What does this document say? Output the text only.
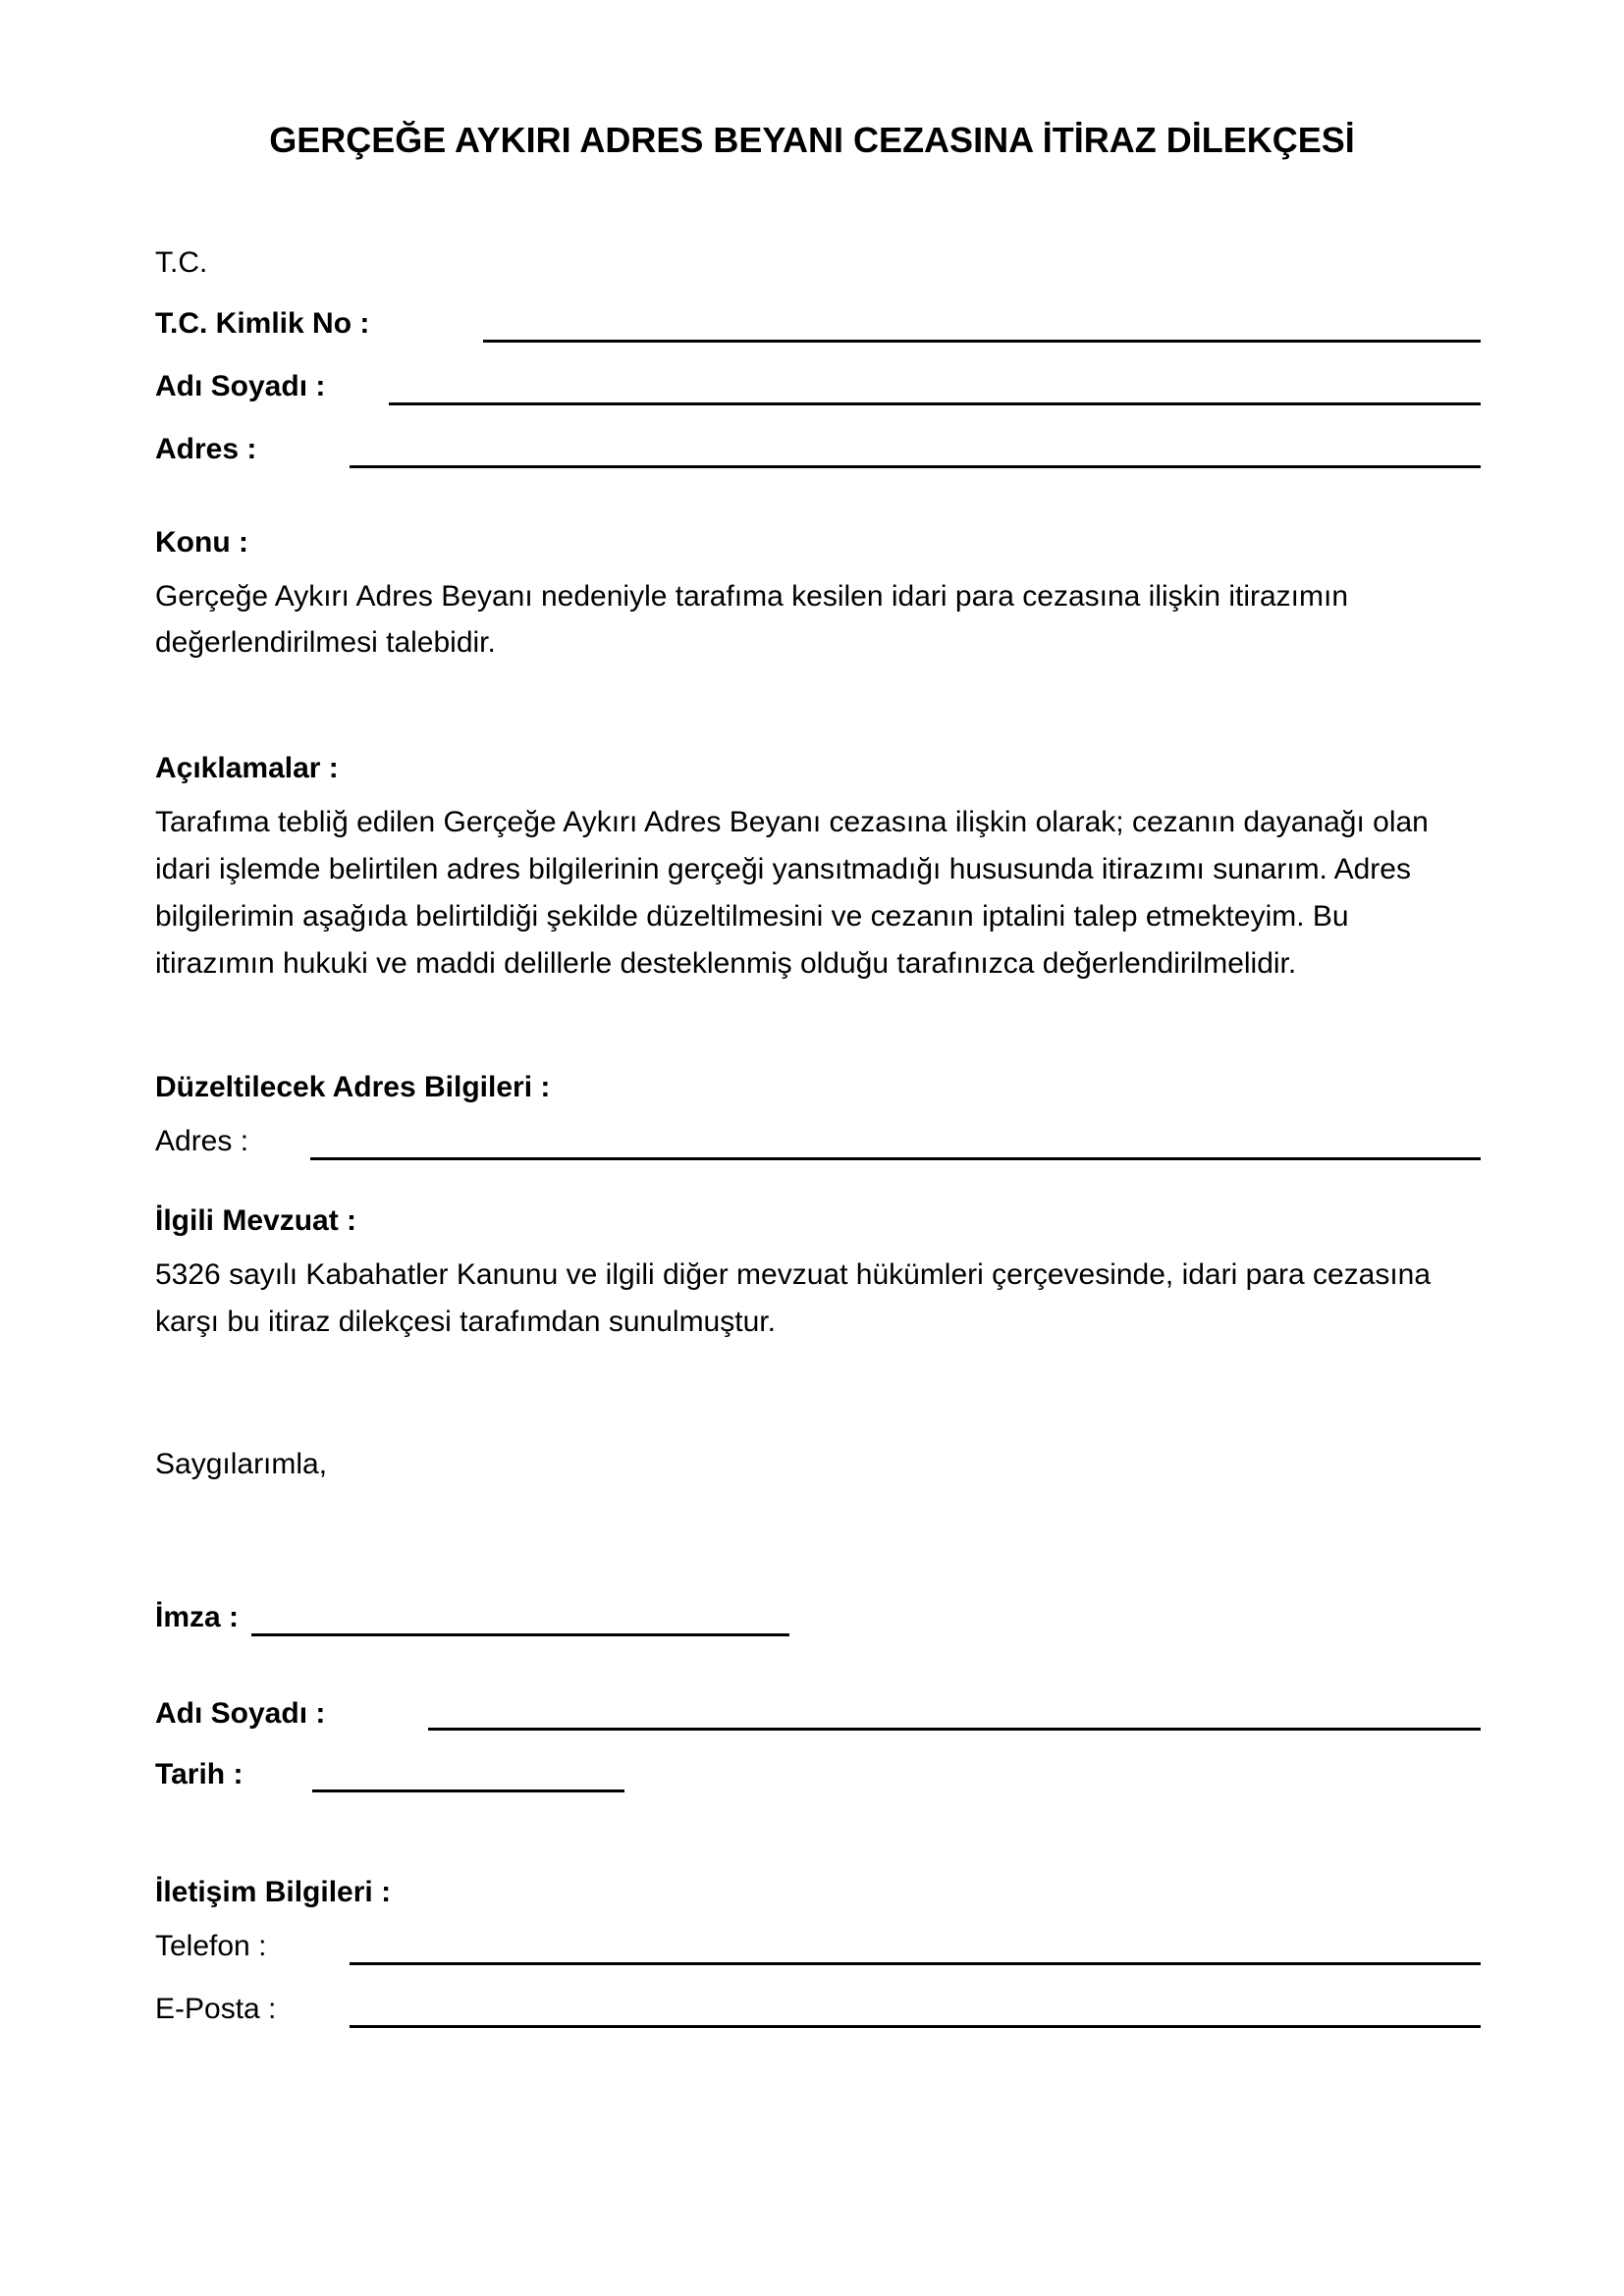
GERÇEĞE AYKIRI ADRES BEYANI CEZASINA İTİRAZ DİLEKÇESİ
T.C.
T.C. Kimlik No :
Adı Soyadı :
Adres :
Konu :
Gerçeğe Aykırı Adres Beyanı nedeniyle tarafıma kesilen idari para cezasına ilişkin itirazımın
değerlendirilmesi talebidir.
Açıklamalar :
Tarafıma tebliğ edilen Gerçeğe Aykırı Adres Beyanı cezasına ilişkin olarak; cezanın dayanağı olan
idari işlemde belirtilen adres bilgilerinin gerçeği yansıtmadığı hususunda itirazımı sunarım. Adres
bilgilerimin aşağıda belirtildiği şekilde düzeltilmesini ve cezanın iptalini talep etmekteyim. Bu
itirazımın hukuki ve maddi delillerle desteklenmiş olduğu tarafınızca değerlendirilmelidir.
Düzeltilecek Adres Bilgileri :
Adres :
İlgili Mevzuat :
5326 sayılı Kabahatler Kanunu ve ilgili diğer mevzuat hükümleri çerçevesinde, idari para cezasına
karşı bu itiraz dilekçesi tarafımdan sunulmuştur.
Saygılarımla,
İmza :
Adı Soyadı :
Tarih :
İletişim Bilgileri :
Telefon :
E-Posta :
